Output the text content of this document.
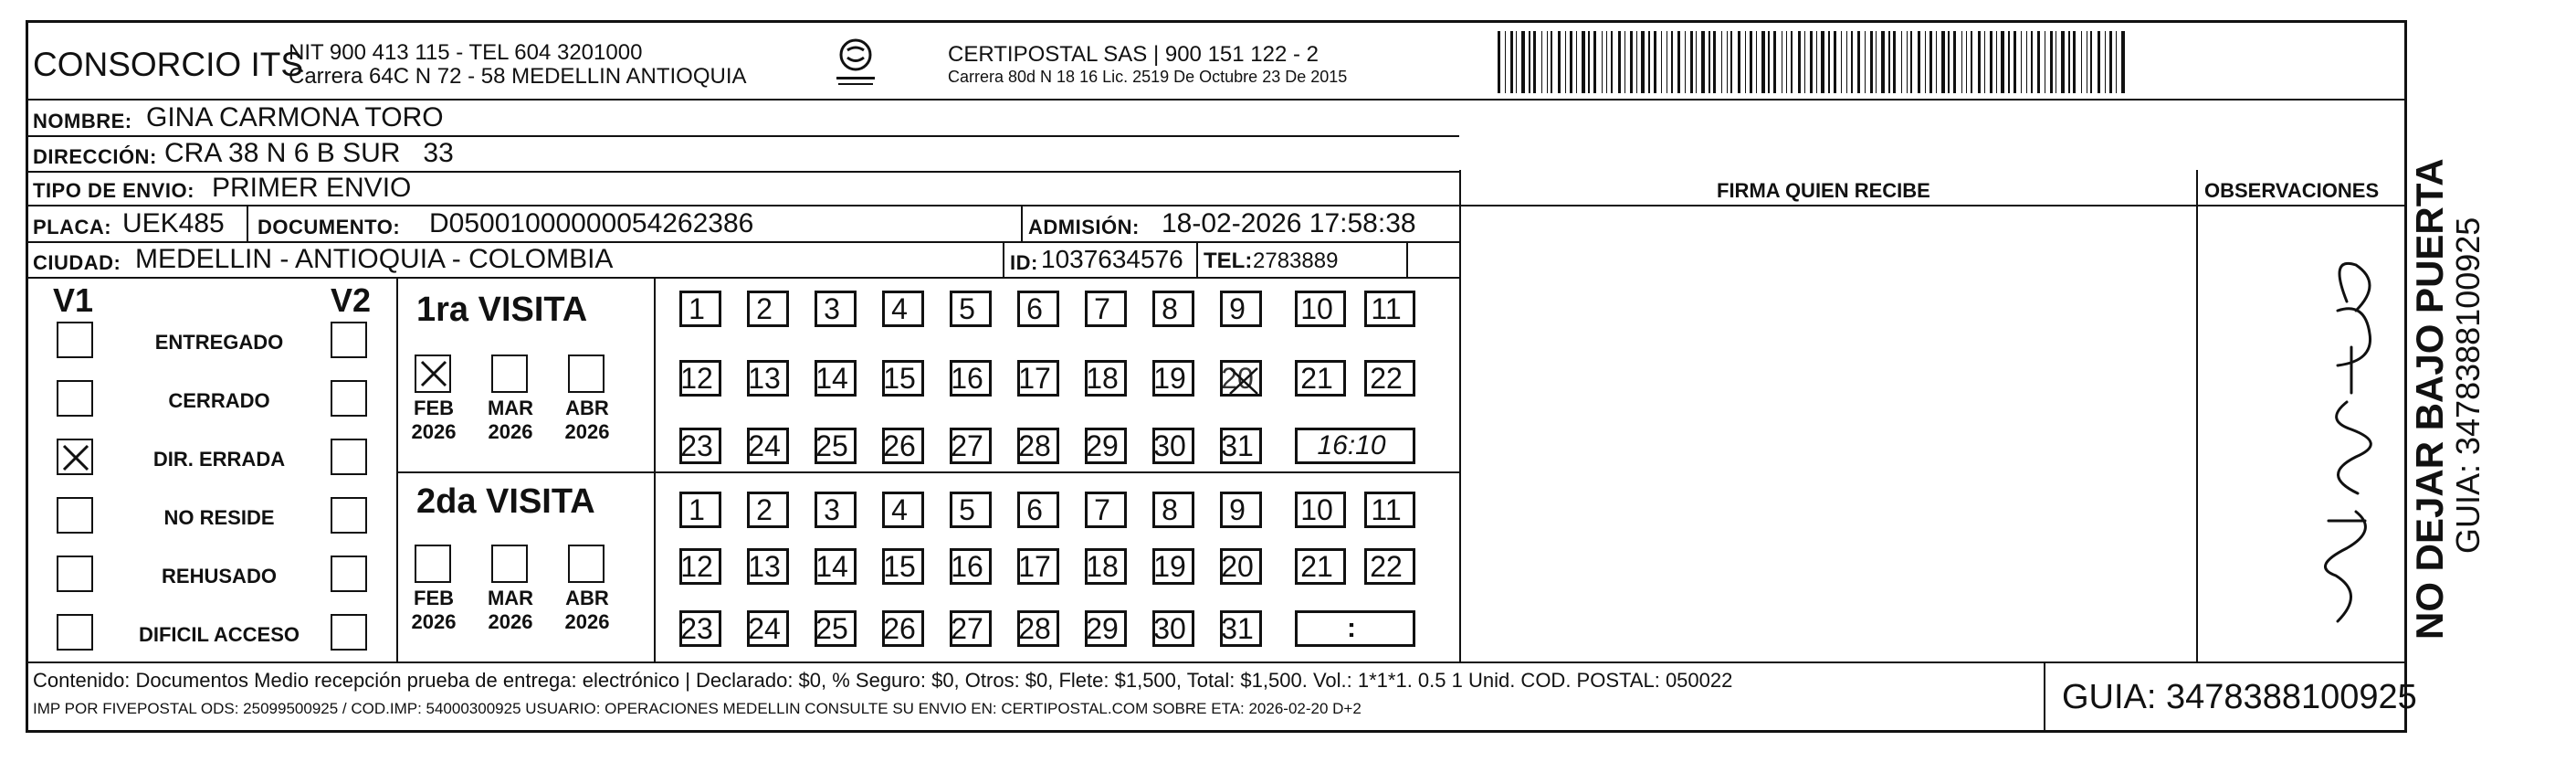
CONSORCIO ITS
NIT 900 413 115 - TEL 604 3201000
Carrera 64C N 72 - 58 MEDELLIN ANTIOQUIA
CERTIPOSTAL SAS | 900 151 122 - 2
Carrera 80d N 18 16 Lic. 2519 De Octubre 23 De 2015
NOMBRE: GINA CARMONA TORO
DIRECCIÓN: CRA 38 N 6 B SUR   33
TIPO DE ENVIO: PRIMER ENVIO
PLACA: UEK485 DOCUMENTO: D05001000000054262386	ADMISIÓN: 18-02-2026 17:58:38
CIUDAD: MEDELLIN - ANTIOQUIA - COLOMBIA	ID: 1037634576 TEL: 2783889
FIRMA QUIEN RECIBE	OBSERVACIONES NO DEJAR BAJO PUERTA
GUIA: 3478388100925
V1	V2
ENTREGADO
CERRADO
DIR. ERRADA
NO RESIDE
REHUSADO
DIFICIL ACCESO
1ra VISITA
2da VISITA
FEB
2026
MAR
2026
ABR
2026
FEB
2026
MAR
2026
ABR
2026
1 2 3 4 5 6 7 8 9 10 11
12 13 14 15 16 17 18 19 20 21 22
23 24 25 26 27 28 29 30 31 16:10
1 2 3 4 5 6 7 8 9 10 11
12 13 14 15 16 17 18 19 20 21 22
23 24 25 26 27 28 29 30 31	:
Contenido: Documentos Medio recepción prueba de entrega: electrónico | Declarado: $0, % Seguro: $0, Otros: $0, Flete: $1,500, Total: $1,500. Vol.: 1*1*1. 0.5 1 Unid. COD. POSTAL: 050022
IMP POR FIVEPOSTAL ODS: 25099500925 / COD.IMP: 54000300925 USUARIO: OPERACIONES MEDELLIN CONSULTE SU ENVIO EN: CERTIPOSTAL.COM SOBRE ETA: 2026-02-20 D+2	GUIA: 3478388100925
